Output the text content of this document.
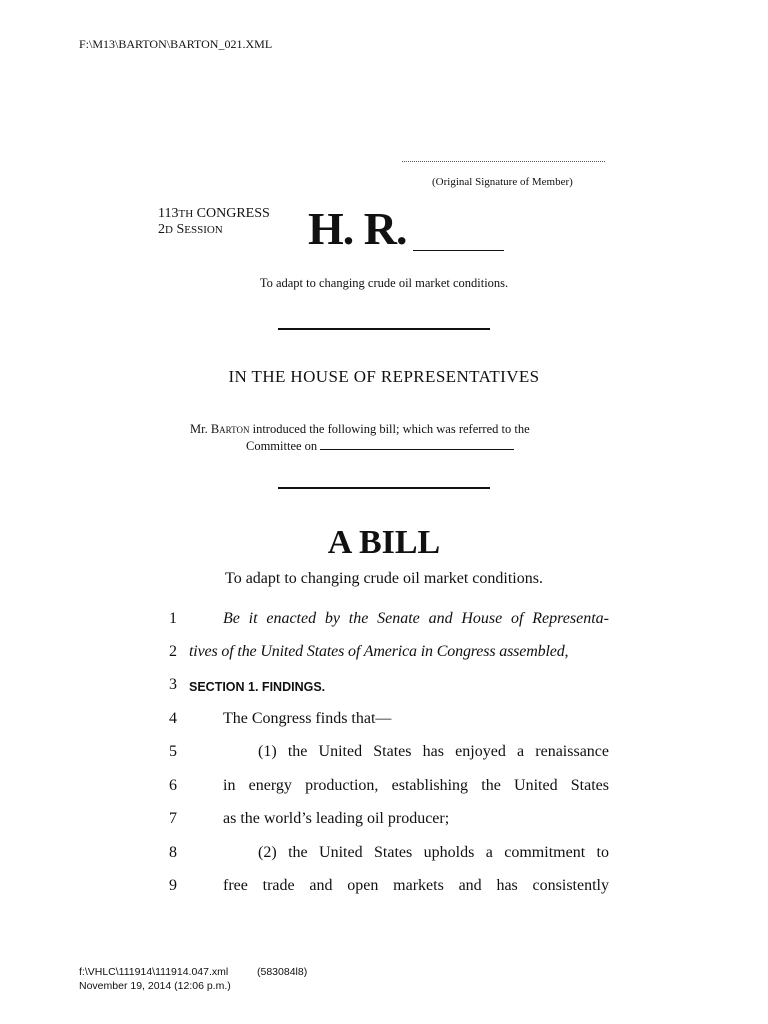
F:\M13\BARTON\BARTON_021.XML
(Original Signature of Member)
113TH CONGRESS
2D SESSION H. R.
To adapt to changing crude oil market conditions.
IN THE HOUSE OF REPRESENTATIVES
Mr. Barton introduced the following bill; which was referred to the
Committee on
A BILL
To adapt to changing crude oil market conditions.
1	Be it enacted by the Senate and House of Representa-
2 tives of the United States of America in Congress assembled,
3 SECTION 1. FINDINGS.
4	The Congress finds that—
5	(1) the United States has enjoyed a renaissance
6	in energy production, establishing the United States
7	as the world’s leading oil producer;
8	(2) the United States upholds a commitment to
9	free trade and open markets and has consistently
f:\VHLC\111914\111914.047.xml	(583084l8)
November 19, 2014 (12:06 p.m.)
